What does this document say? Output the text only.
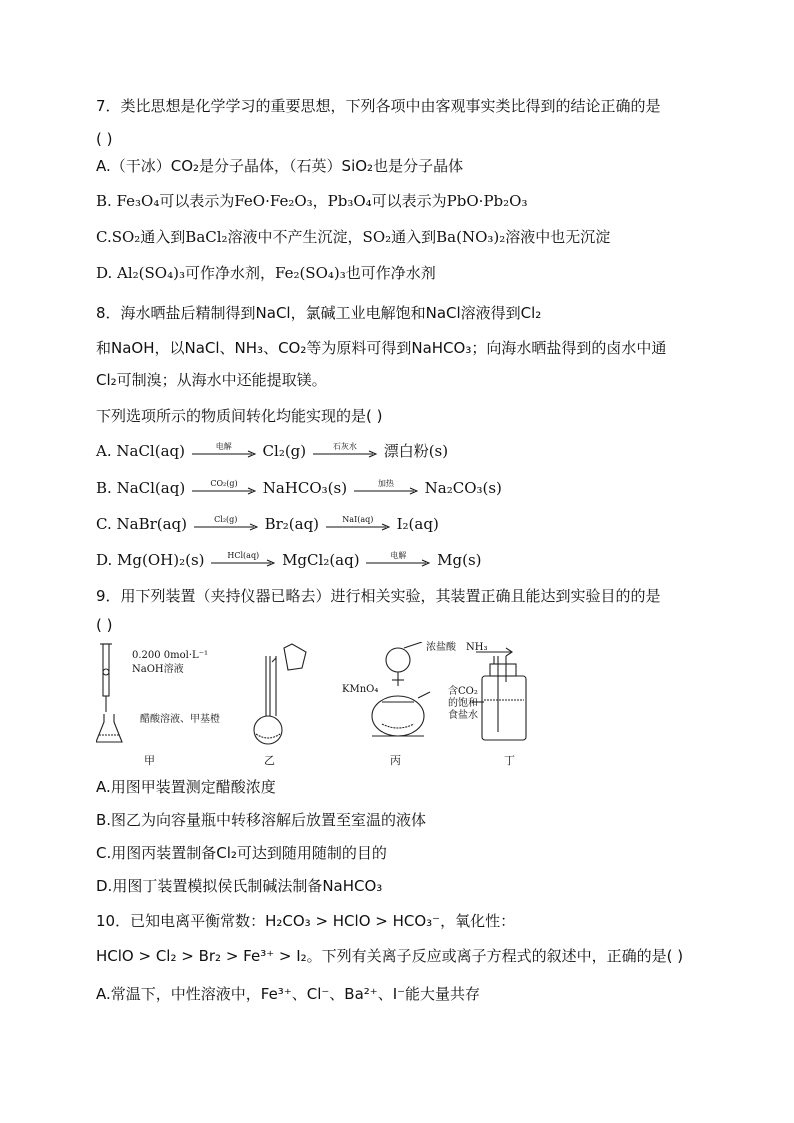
7．类比思想是化学学习的重要思想，下列各项中由客观事实类比得到的结论正确的是
( )
A.（干冰）CO₂是分子晶体，（石英）SiO₂也是分子晶体
B. Fe₃O₄可以表示为FeO·Fe₂O₃，Pb₃O₄可以表示为PbO·Pb₂O₃
C.SO₂通入到BaCl₂溶液中不产生沉淀，SO₂通入到Ba(NO₃)₂溶液中也无沉淀
D. Al₂(SO₄)₃可作净水剂，Fe₂(SO₄)₃也可作净水剂
8．海水晒盐后精制得到NaCl，氯碱工业电解饱和NaCl溶液得到Cl₂
和NaOH，以NaCl、NH₃、CO₂等为原料可得到NaHCO₃；向海水晒盐得到的卤水中通
Cl₂可制溴；从海水中还能提取镁。
下列选项所示的物质间转化均能实现的是( )
A. NaCl(aq)	电解	Cl₂(g)	石灰水	漂白粉(s)
B. NaCl(aq)	CO₂(g)	NaHCO₃(s)	加热	Na₂CO₃(s)
C. NaBr(aq)	Cl₂(g)	Br₂(aq)	NaI(aq)	I₂(aq)
D. Mg(OH)₂(s)	HCl(aq)	MgCl₂(aq)	电解	Mg(s)
9．用下列装置（夹持仪器已略去）进行相关实验，其装置正确且能达到实验目的的是
( )
0.200 0mol·L⁻¹
NaOH溶液
醋酸溶液、甲基橙
浓盐酸
KMnO₄
NH₃
含CO₂
的饱和
食盐水
甲	乙	丙	丁
A.用图甲装置测定醋酸浓度
B.图乙为向容量瓶中转移溶解后放置至室温的液体
C.用图丙装置制备Cl₂可达到随用随制的目的
D.用图丁装置模拟侯氏制碱法制备NaHCO₃
10．已知电离平衡常数：H₂CO₃ > HClO > HCO₃⁻，氧化性：
HClO > Cl₂ > Br₂ > Fe³⁺ > I₂。下列有关离子反应或离子方程式的叙述中，正确的是( )
A.常温下，中性溶液中，Fe³⁺、Cl⁻、Ba²⁺、I⁻能大量共存
